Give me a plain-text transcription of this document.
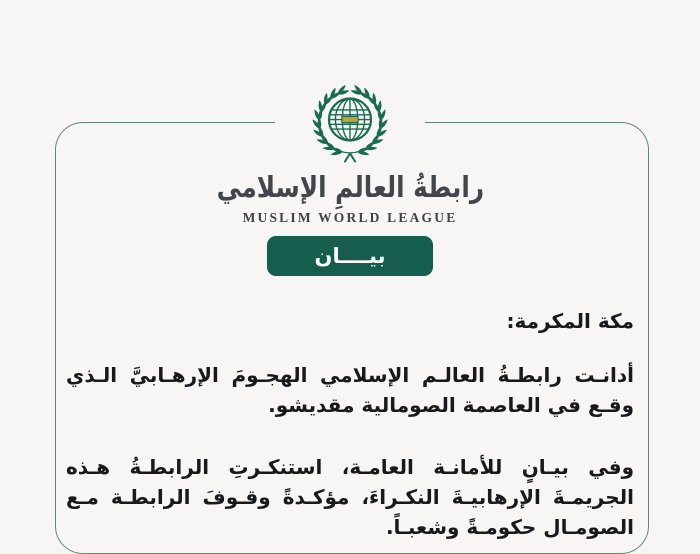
رابطةُ العالمِ الإسلامي
MUSLIM WORLD LEAGUE
بيــــان

مكة المكرمة:

أدانـت رابطـةُ العالـم الإسلامي الهجـومَ الإرهـابيَّ الـذي وقـع في العاصمة الصومالية مقديشو.

وفي بيـانٍ للأمانـة العامـة، استنكـرتِ الرابطـةُ هـذه الجريمـةَ الإرهابيـةَ النكـراءَ، مؤكـدةً وقـوفَ الرابطـة مـع الصومـال حكومـةً وشعبـاً.
